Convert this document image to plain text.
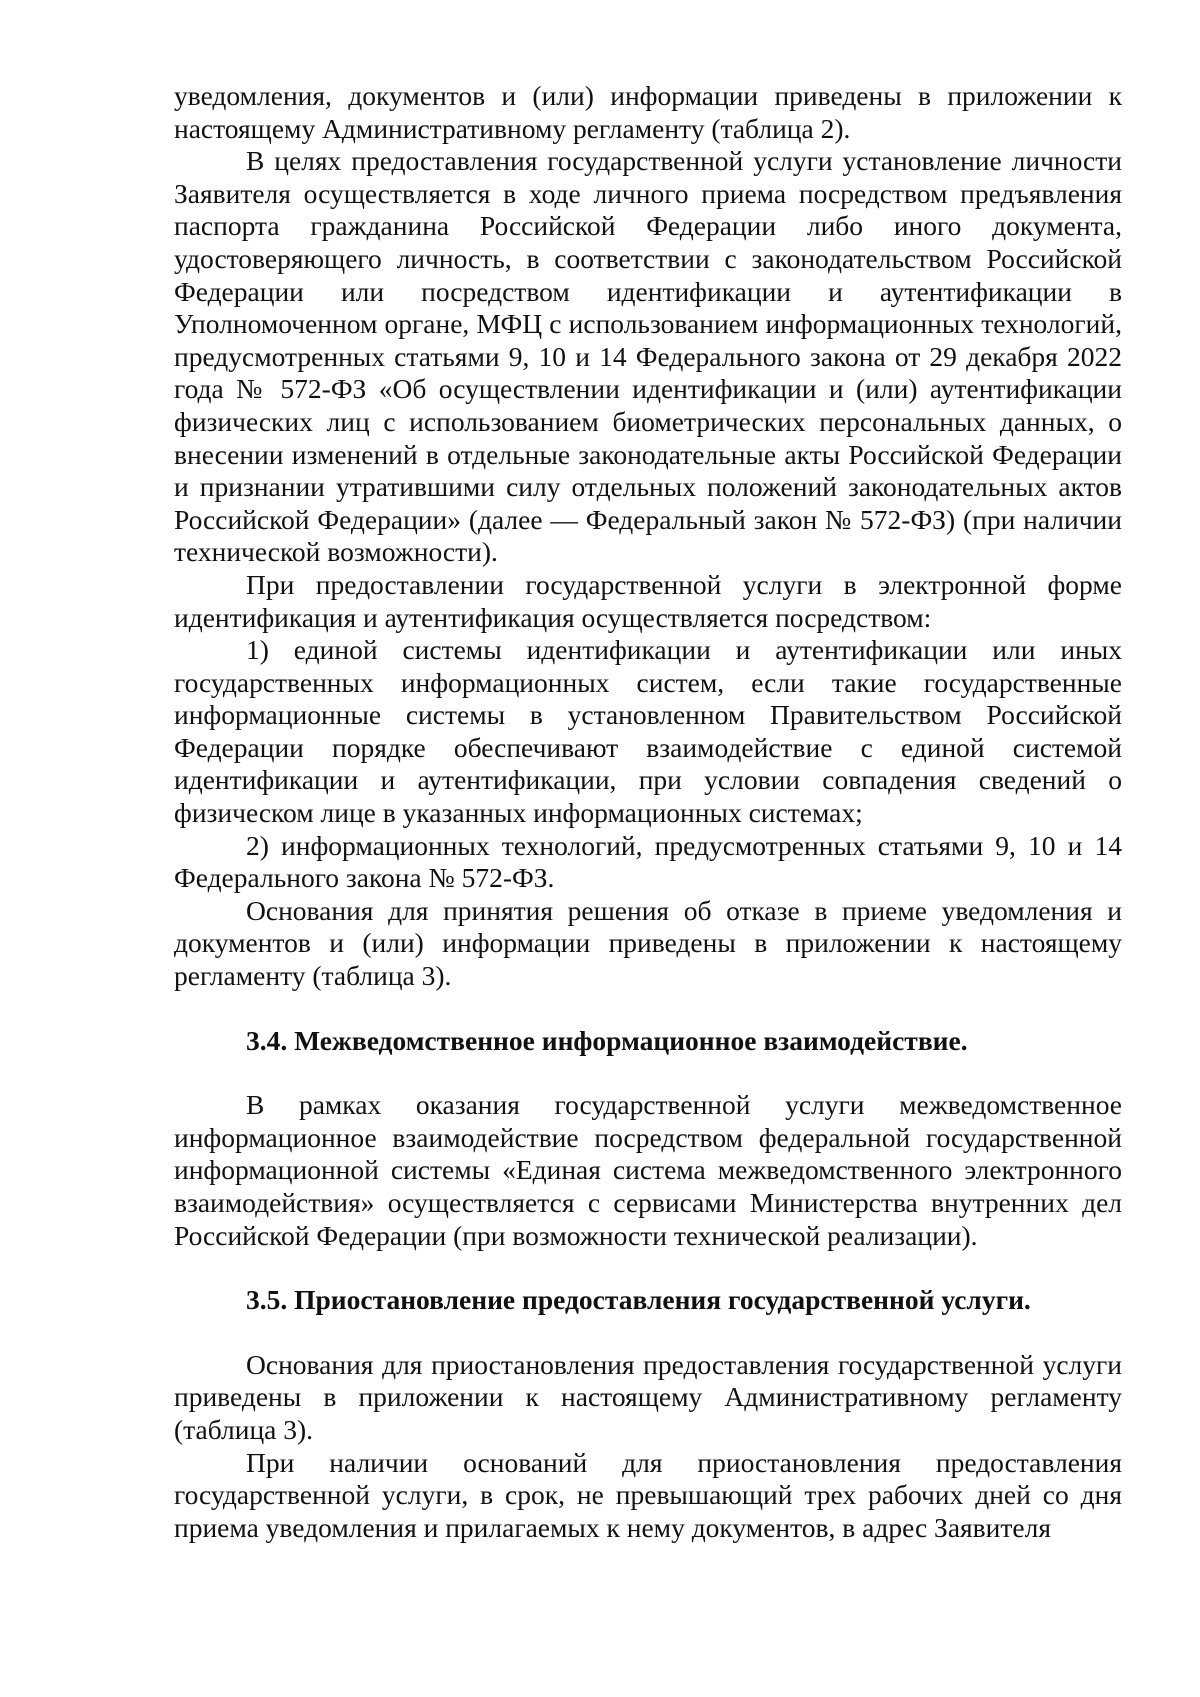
уведомления, документов и (или) информации приведены в приложении к настоящему Административному регламенту (таблица 2).

В целях предоставления государственной услуги установление личности Заявителя осуществляется в ходе личного приема посредством предъявления паспорта гражданина Российской Федерации либо иного документа, удостоверяющего личность, в соответствии с законодательством Российской Федерации или посредством идентификации и аутентификации в Уполномоченном органе, МФЦ с использованием информационных технологий, предусмотренных статьями 9, 10 и 14 Федерального закона от 29 декабря 2022 года № 572-ФЗ «Об осуществлении идентификации и (или) аутентификации физических лиц с использованием биометрических персональных данных, о внесении изменений в отдельные законодательные акты Российской Федерации и признании утратившими силу отдельных положений законодательных актов Российской Федерации» (далее — Федеральный закон № 572-ФЗ) (при наличии технической возможности).

При предоставлении государственной услуги в электронной форме идентификация и аутентификация осуществляется посредством:

1) единой системы идентификации и аутентификации или иных государственных информационных систем, если такие государственные информационные системы в установленном Правительством Российской Федерации порядке обеспечивают взаимодействие с единой системой идентификации и аутентификации, при условии совпадения сведений о физическом лице в указанных информационных системах;

2) информационных технологий, предусмотренных статьями 9, 10 и 14 Федерального закона № 572-ФЗ.

Основания для принятия решения об отказе в приеме уведомления и документов и (или) информации приведены в приложении к настоящему регламенту (таблица 3).

3.4. Межведомственное информационное взаимодействие.

В рамках оказания государственной услуги межведомственное информационное взаимодействие посредством федеральной государственной информационной системы «Единая система межведомственного электронного взаимодействия» осуществляется с сервисами Министерства внутренних дел Российской Федерации (при возможности технической реализации).

3.5. Приостановление предоставления государственной услуги.

Основания для приостановления предоставления государственной услуги приведены в приложении к настоящему Административному регламенту (таблица 3).

При наличии оснований для приостановления предоставления государственной услуги, в срок, не превышающий трех рабочих дней со дня приема уведомления и прилагаемых к нему документов, в адрес Заявителя
